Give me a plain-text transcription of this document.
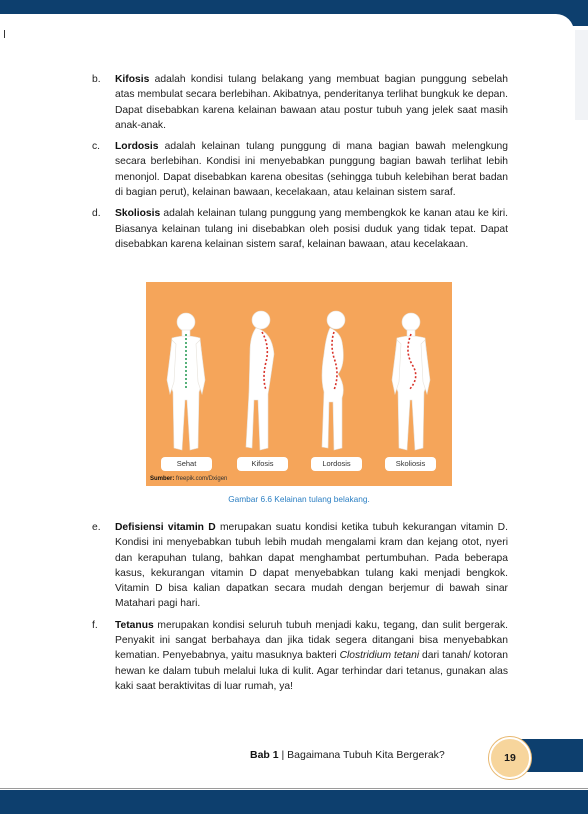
b.	Kifosis adalah kondisi tulang belakang yang membuat bagian punggung sebelah atas membulat secara berlebihan. Akibatnya, penderitanya terlihat bungkuk ke depan. Dapat disebabkan karena kelainan bawaan atau postur tubuh yang jelek saat masih anak-anak.
c.	Lordosis adalah kelainan tulang punggung di mana bagian bawah melengkung secara berlebihan. Kondisi ini menyebabkan punggung bagian bawah terlihat lebih menonjol. Dapat disebabkan karena obesitas (sehingga tubuh kelebihan berat badan di bagian perut), kelainan bawaan, kecelakaan, atau kelainan sistem saraf.
d.	Skoliosis adalah kelainan tulang punggung yang membengkok ke kanan atau ke kiri. Biasanya kelainan tulang ini disebabkan oleh posisi duduk yang tidak tepat. Dapat disebabkan karena kelainan sistem saraf, kelainan bawaan, atau kecelakaan.
Sehat	Kifosis	Lordosis	Skoliosis
Sumber: freepik.com/Dxigen
Gambar 6.6 Kelainan tulang belakang.
e.	Defisiensi vitamin D merupakan suatu kondisi ketika tubuh kekurangan vitamin D. Kondisi ini menyebabkan tubuh lebih mudah mengalami kram dan kejang otot, nyeri dan kerapuhan tulang, bahkan dapat menghambat pertumbuhan. Pada beberapa kasus, kekurangan vitamin D dapat menyebabkan tulang kaki menjadi bengkok. Vitamin D bisa kalian dapatkan secara mudah dengan berjemur di bawah sinar Matahari pagi hari.
f.	Tetanus merupakan kondisi seluruh tubuh menjadi kaku, tegang, dan sulit bergerak. Penyakit ini sangat berbahaya dan jika tidak segera ditangani bisa menyebabkan kematian. Penyebabnya, yaitu masuknya bakteri Clostridium tetani dari tanah/ kotoran hewan ke dalam tubuh melalui luka di kulit. Agar terhindar dari tetanus, gunakan alas kaki saat beraktivitas di luar rumah, ya!
Bab 1 | Bagaimana Tubuh Kita Bergerak?	19
